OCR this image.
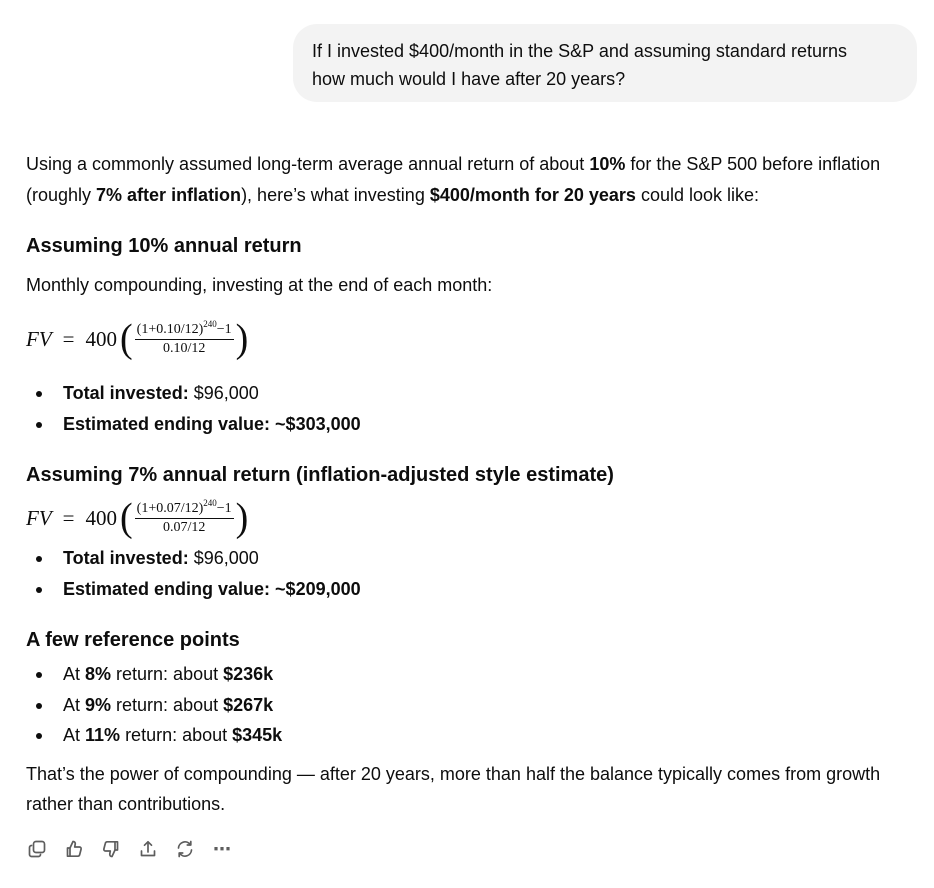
If I invested $400/month in the S&P and assuming standard returns
how much would I have after 20 years?
Using a commonly assumed long-term average annual return of about 10% for the S&P 500 before inflation
(roughly 7% after inflation), here’s what investing $400/month for 20 years could look like:
Assuming 10% annual return
Monthly compounding, investing at the end of each month:
FV = 400 ( $\frac{(1+0.10/12)^{240}-1}{0.10/12}$ )
Total invested: $96,000
Estimated ending value: ~$303,000
Assuming 7% annual return (inflation-adjusted style estimate)
FV = 400 ( $\frac{(1+0.07/12)^{240}-1}{0.07/12}$ )
Total invested: $96,000
Estimated ending value: ~$209,000
A few reference points
At 8% return: about $236k
At 9% return: about $267k
At 11% return: about $345k
That’s the power of compounding — after 20 years, more than half the balance typically comes from growth
rather than contributions.
⋯
